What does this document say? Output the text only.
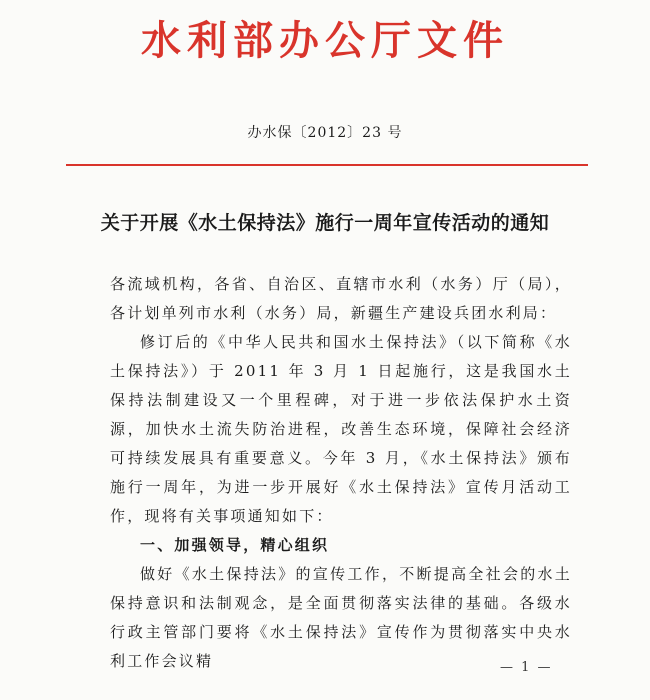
水利部办公厅文件
办水保〔2012〕23 号
关于开展《水土保持法》施行一周年宣传活动的通知

各流域机构，各省、自治区、直辖市水利（水务）厅（局），各计划单列市水利（水务）局，新疆生产建设兵团水利局：

修订后的《中华人民共和国水土保持法》（以下简称《水土保持法》）于 2011 年 3 月 1 日起施行，这是我国水土保持法制建设又一个里程碑，对于进一步依法保护水土资源，加快水土流失防治进程，改善生态环境，保障社会经济可持续发展具有重要意义。今年 3 月，《水土保持法》颁布施行一周年，为进一步开展好《水土保持法》宣传月活动工作，现将有关事项通知如下：

一、加强领导，精心组织

做好《水土保持法》的宣传工作，不断提高全社会的水土保持意识和法制观念，是全面贯彻落实法律的基础。各级水行政主管部门要将《水土保持法》宣传作为贯彻落实中央水利工作会议精	— 1 —
